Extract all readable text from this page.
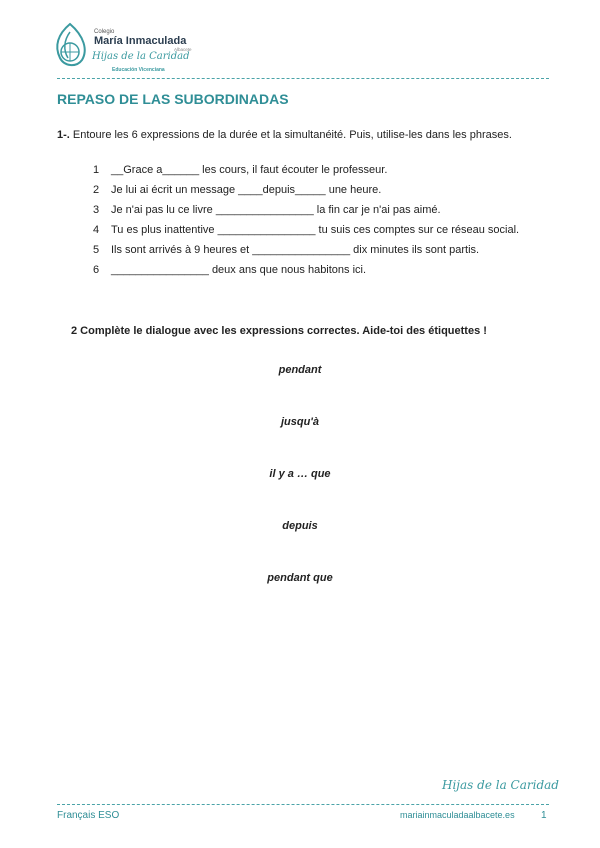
Colegio
María Inmaculada
Albacete
Hijas de la Caridad
Educación Vicenciana
REPASO DE LAS SUBORDINADAS
1-. Entoure les 6 expressions de la durée et la simultanéité. Puis, utilise-les dans les phrases.
1 __Grace a______ les cours, il faut écouter le professeur.
2 Je lui ai écrit un message ____depuis_____ une heure.
3 Je n'ai pas lu ce livre ________________ la fin car je n'ai pas aimé.
4 Tu es plus inattentive ________________ tu suis ces comptes sur ce réseau social.
5 Ils sont arrivés à 9 heures et ________________ dix minutes ils sont partis.
6 ________________ deux ans que nous habitons ici.
2 Complète le dialogue avec les expressions correctes. Aide-toi des étiquettes !
pendant
jusqu'à
il y a … que
depuis
pendant que
Hijas de la Caridad
Français ESO	mariainmaculadaalbacete.es	1
